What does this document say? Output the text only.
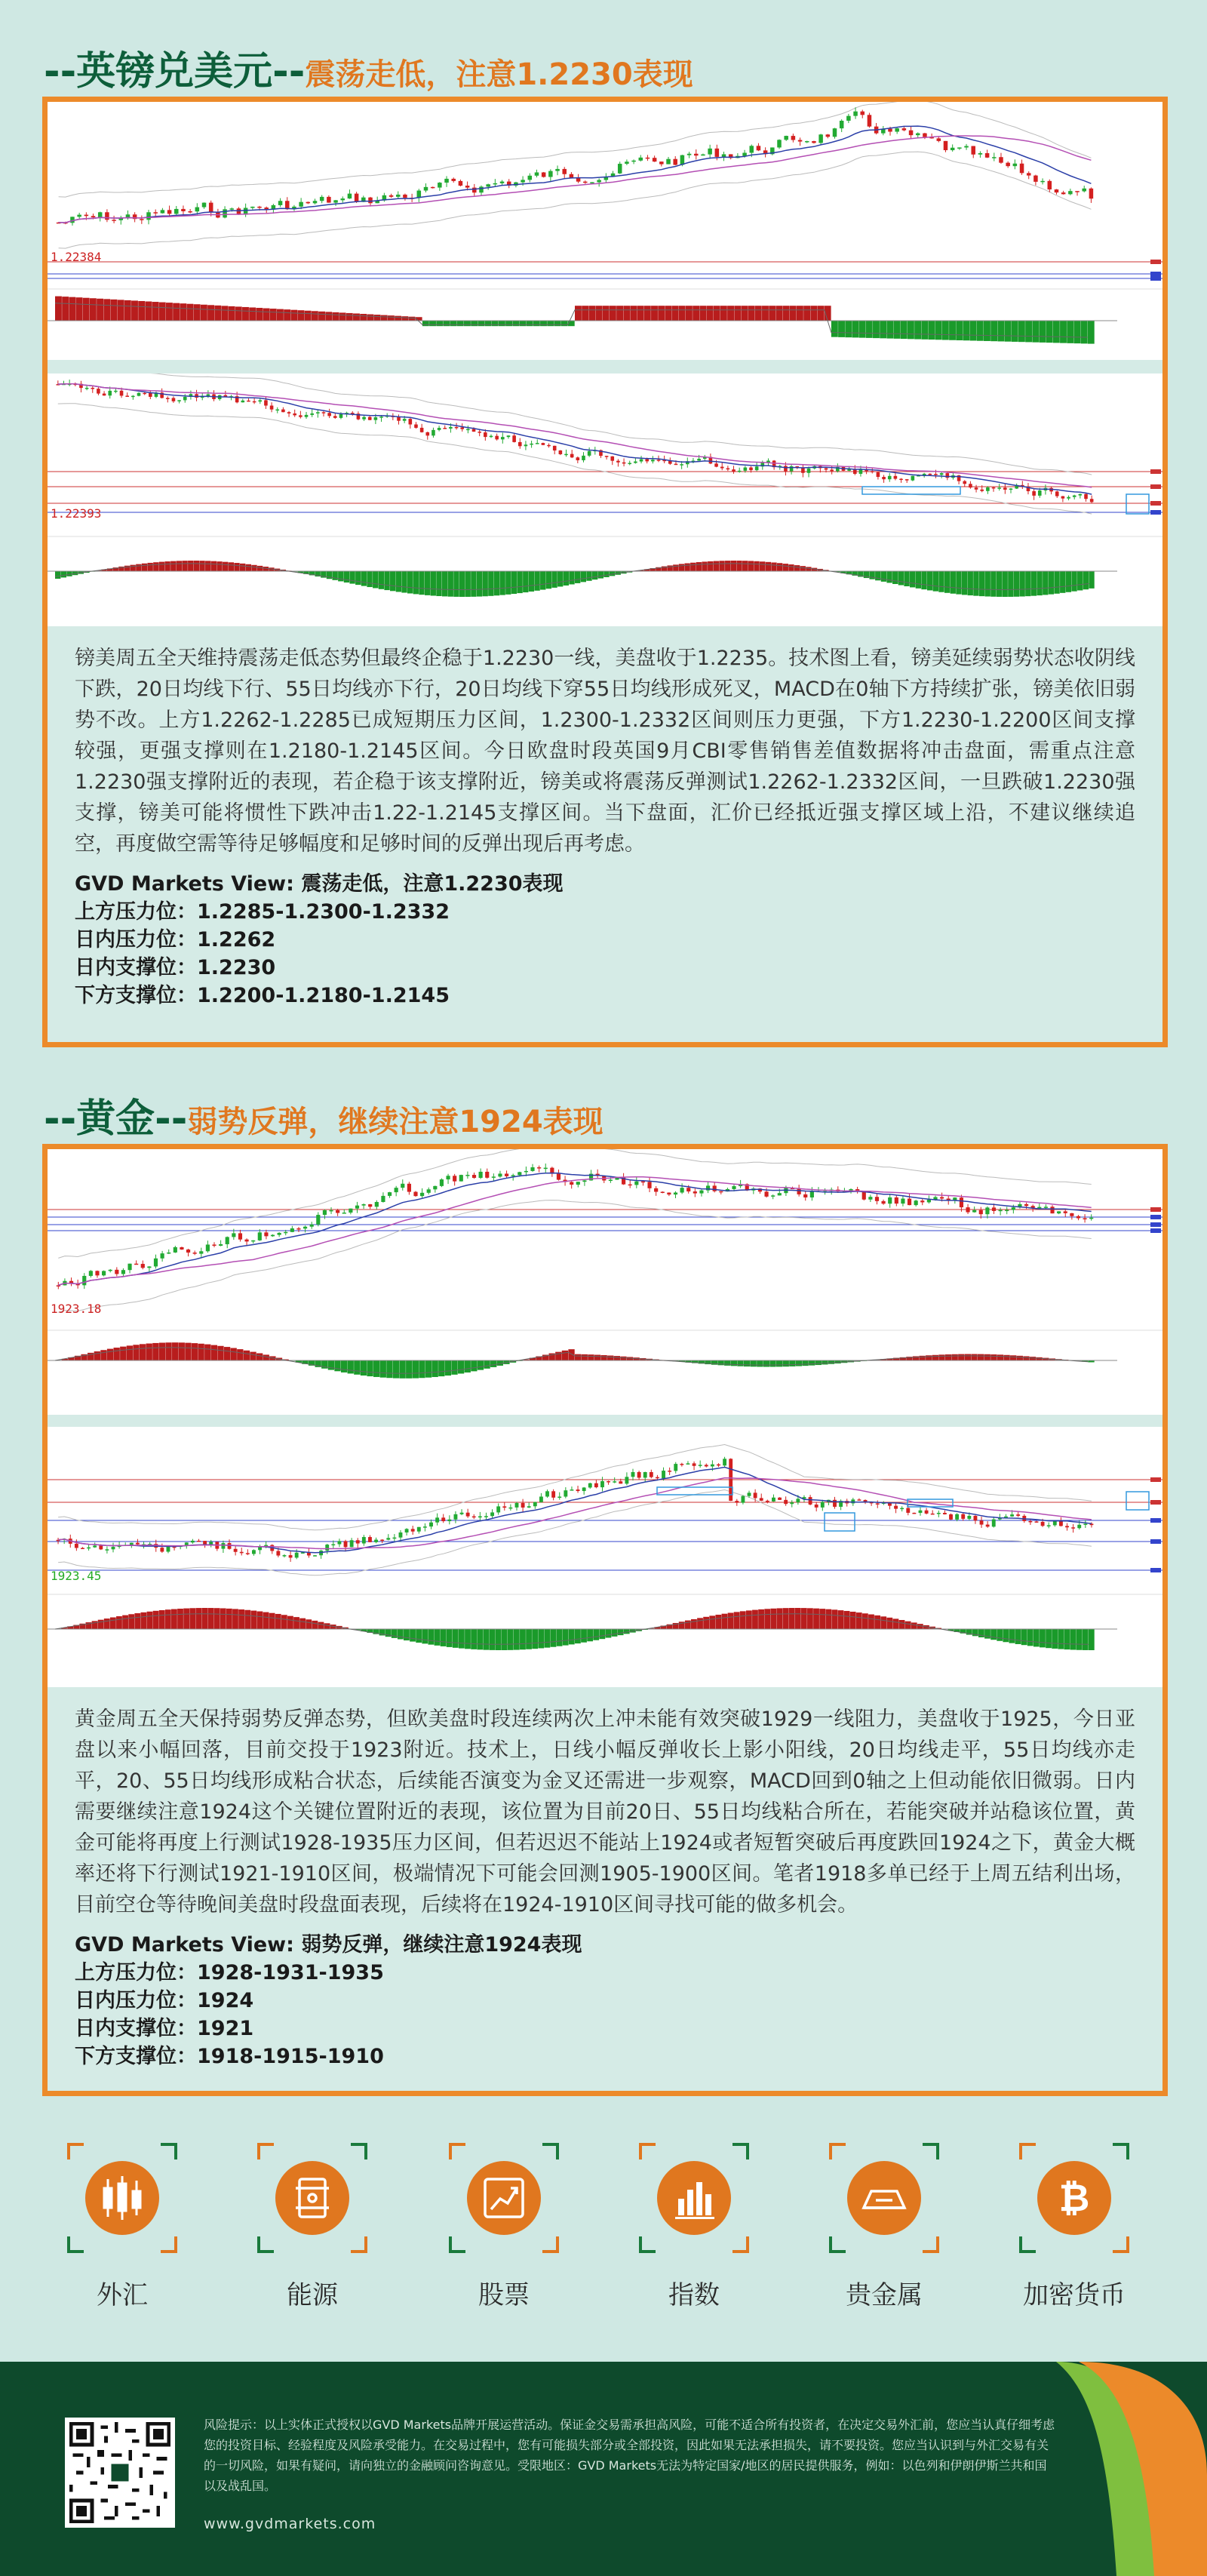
--英镑兑美元--震荡走低，注意1.2230表现
1.22384
1.22393

镑美周五全天维持震荡走低态势但最终企稳于1.2230一线，美盘收于1.2235。技术图上看，镑美延续弱势状态收阴线下跌，20日均线下行、55日均线亦下行，20日均线下穿55日均线形成死叉，MACD在0轴下方持续扩张，镑美依旧弱势不改。上方1.2262-1.2285已成短期压力区间，1.2300-1.2332区间则压力更强，下方1.2230-1.2200区间支撑较强，更强支撑则在1.2180-1.2145区间。今日欧盘时段英国9月CBI零售销售差值数据将冲击盘面，需重点注意1.2230强支撑附近的表现，若企稳于该支撑附近，镑美或将震荡反弹测试1.2262-1.2332区间，一旦跌破1.2230强支撑，镑美可能将惯性下跌冲击1.22-1.2145支撑区间。当下盘面，汇价已经抵近强支撑区域上沿，不建议继续追空，再度做空需等待足够幅度和足够时间的反弹出现后再考虑。

GVD Markets View: 震荡走低，注意1.2230表现
上方压力位：1.2285-1.2300-1.2332
日内压力位：1.2262
日内支撑位：1.2230
下方支撑位：1.2200-1.2180-1.2145
--黄金--弱势反弹，继续注意1924表现
1923.18
1923.45

黄金周五全天保持弱势反弹态势，但欧美盘时段连续两次上冲未能有效突破1929一线阻力，美盘收于1925，今日亚盘以来小幅回落，目前交投于1923附近。技术上，日线小幅反弹收长上影小阳线，20日均线走平，55日均线亦走平，20、55日均线形成粘合状态，后续能否演变为金叉还需进一步观察，MACD回到0轴之上但动能依旧微弱。日内需要继续注意1924这个关键位置附近的表现，该位置为目前20日、55日均线粘合所在，若能突破并站稳该位置，黄金可能将再度上行测试1928-1935压力区间，但若迟迟不能站上1924或者短暂突破后再度跌回1924之下，黄金大概率还将下行测试1921-1910区间，极端情况下可能会回测1905-1900区间。笔者1918多单已经于上周五结利出场，目前空仓等待晚间美盘时段盘面表现，后续将在1924-1910区间寻找可能的做多机会。

GVD Markets View: 弱势反弹，继续注意1924表现
上方压力位：1928-1931-1935
日内压力位：1924
日内支撑位：1921
下方支撑位：1918-1915-1910
外汇	能源	股票	指数	贵金属
₿
加密货币
风险提示：以上实体正式授权以GVD Markets品牌开展运营活动。保证金交易需承担高风险，可能不适合所有投资者，在决定交易外汇前，您应当认真仔细考虑您的投资目标、经验程度及风险承受能力。在交易过程中，您有可能损失部分或全部投资，因此如果无法承担损失，请不要投资。您应当认识到与外汇交易有关的一切风险，如果有疑问，请向独立的金融顾问咨询意见。受限地区：GVD Markets无法为特定国家/地区的居民提供服务，例如：以色列和伊朗伊斯兰共和国以及战乱国。
www.gvdmarkets.com
